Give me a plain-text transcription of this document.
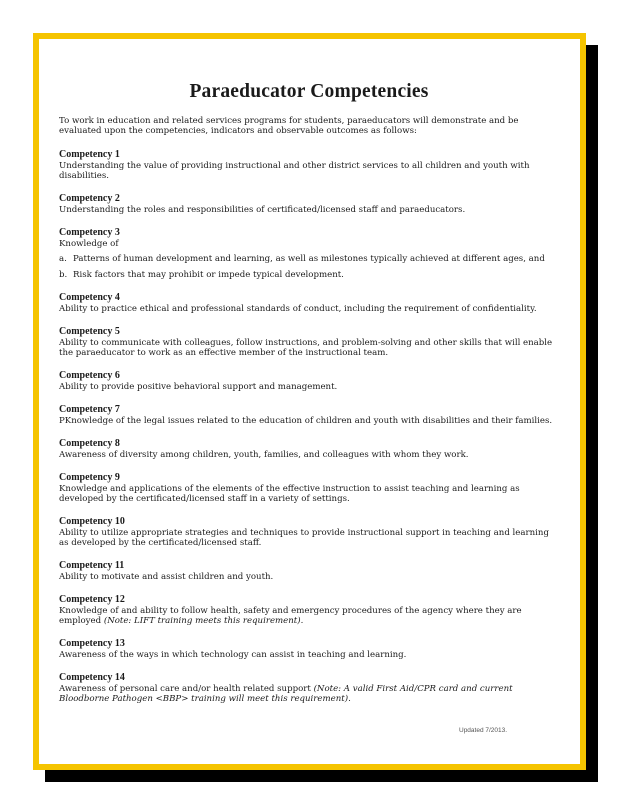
Paraeducator Competencies

To work in education and related services programs for students, paraeducators will demonstrate and be evaluated upon the competencies, indicators and observable outcomes as follows:

Competency 1
Understanding the value of providing instructional and other district services to all children and youth with disabilities.
Competency 2
Understanding the roles and responsibilities of certificated/licensed staff and paraeducators.
Competency 3
Knowledge of
a. Patterns of human development and learning, as well as milestones typically achieved at different ages, and
b. Risk factors that may prohibit or impede typical development.
Competency 4
Ability to practice ethical and professional standards of conduct, including the requirement of confidentiality.
Competency 5
Ability to communicate with colleagues, follow instructions, and problem-solving and other skills that will enable the paraeducator to work as an effective member of the instructional team.
Competency 6
Ability to provide positive behavioral support and management.
Competency 7
PKnowledge of the legal issues related to the education of children and youth with disabilities and their families.
Competency 8
Awareness of diversity among children, youth, families, and colleagues with whom they work.
Competency 9
Knowledge and applications of the elements of the effective instruction to assist teaching and learning as developed by the certificated/licensed staff in a variety of settings.
Competency 10
Ability to utilize appropriate strategies and techniques to provide instructional support in teaching and learning as developed by the certificated/licensed staff.
Competency 11
Ability to motivate and assist children and youth.
Competency 12
Knowledge of and ability to follow health, safety and emergency procedures of the agency where they are employed (Note: LIFT training meets this requirement).
Competency 13
Awareness of the ways in which technology can assist in teaching and learning.
Competency 14
Awareness of personal care and/or health related support (Note: A valid First Aid/CPR card and current Bloodborne Pathogen <BBP> training will meet this requirement).
Updated 7/2013.
